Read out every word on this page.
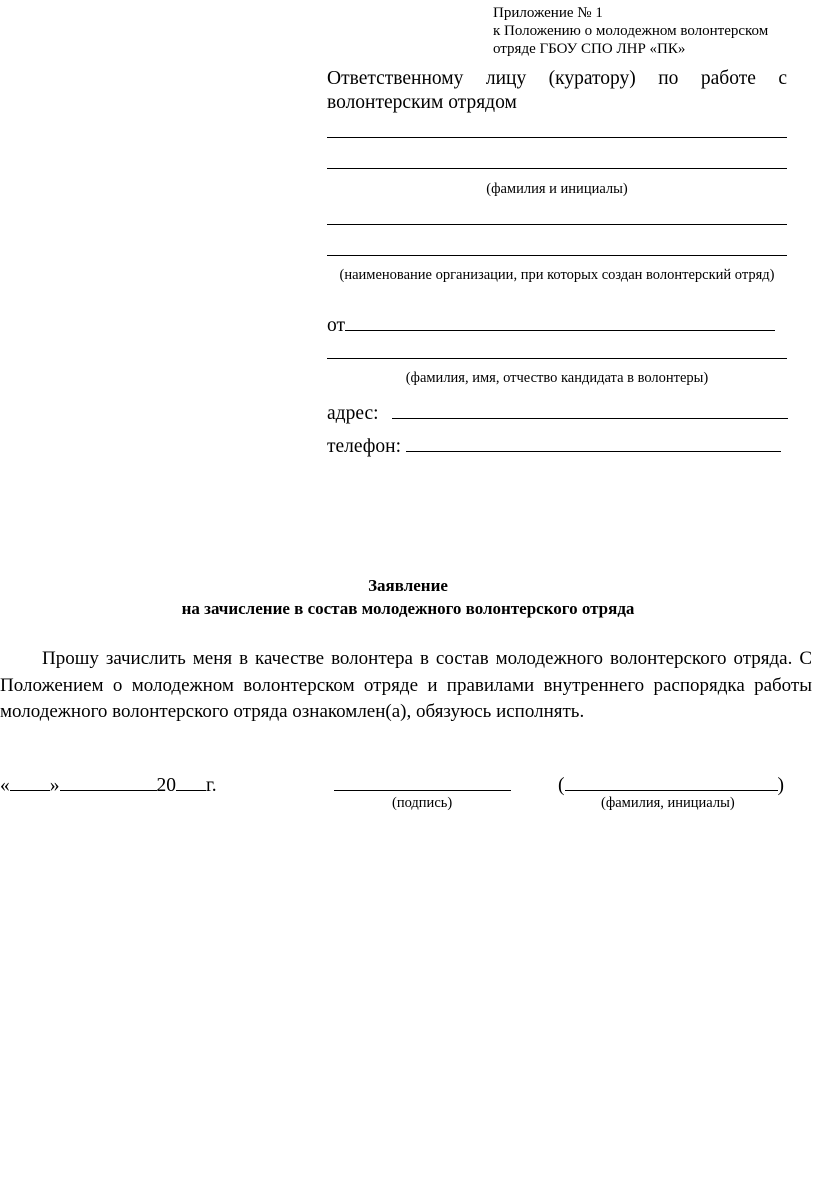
Приложение № 1
к Положению о молодежном волонтерском
отряде ГБОУ СПО ЛНР «ПК»
Ответственному лицу (куратору) по работе с волонтерским отрядом
(фамилия и инициалы)
(наименование организации, при которых создан волонтерский отряд)
от
(фамилия, имя, отчество кандидата в волонтеры)
адрес:
телефон:
Заявление
на зачисление в состав молодежного волонтерского отряда
Прошу зачислить меня в качестве волонтера в состав молодежного волонтерского отряда. С Положением о молодежном волонтерском отряде и правилами внутреннего распорядка работы молодежного волонтерского отряда ознакомлен(а), обязуюсь исполнять.
« »	20 г.	(	)
(подпись)	(фамилия, инициалы)
